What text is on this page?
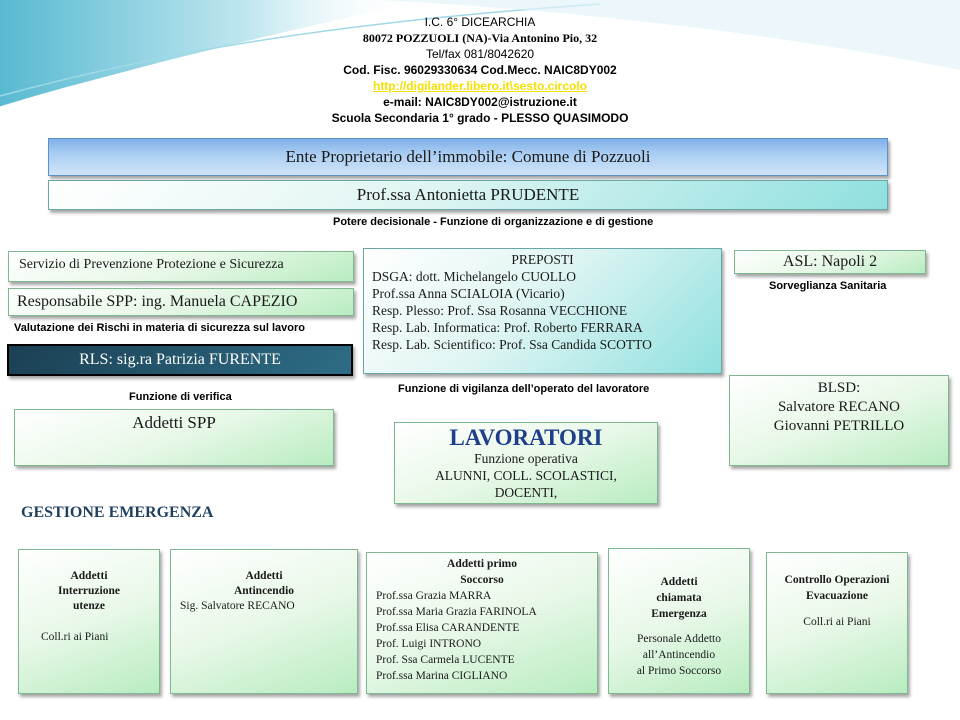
I.C. 6° DICEARCHIA
80072 POZZUOLI (NA)-Via Antonino Pio, 32
Tel/fax 081/8042620
Cod. Fisc. 96029330634 Cod.Mecc. NAIC8DY002
http://digilander.libero.it\sesto.circolo
e-mail: NAIC8DY002@istruzione.it
Scuola Secondaria 1° grado - PLESSO QUASIMODO
Ente Proprietario dell’immobile: Comune di Pozzuoli
Prof.ssa Antonietta PRUDENTE
Potere decisionale - Funzione di organizzazione e di gestione
Servizio di Prevenzione Protezione e Sicurezza
Responsabile SPP: ing. Manuela CAPEZIO
Valutazione dei Rischi in materia di sicurezza sul lavoro
RLS: sig.ra Patrizia FURENTE
Funzione di verifica
Addetti SPP
PREPOSTI
DSGA: dott. Michelangelo CUOLLO
Prof.ssa Anna SCIALOIA (Vicario)
Resp. Plesso: Prof. Ssa Rosanna VECCHIONE
Resp. Lab. Informatica: Prof. Roberto FERRARA
Resp. Lab. Scientifico: Prof. Ssa Candida SCOTTO
Funzione di vigilanza dell’operato del lavoratore
ASL: Napoli 2
Sorveglianza Sanitaria
BLSD:
Salvatore RECANO
Giovanni PETRILLO
LAVORATORI
Funzione operativa
ALUNNI, COLL. SCOLASTICI,
DOCENTI,
GESTIONE EMERGENZA
Addetti
Interruzione
utenze
Coll.ri ai Piani
Addetti
Antincendio
Sig. Salvatore RECANO
Addetti primo
Soccorso
Prof.ssa Grazia MARRA
Prof.ssa Maria Grazia FARINOLA
Prof.ssa Elisa CARANDENTE
Prof. Luigi INTRONO
Prof. Ssa Carmela LUCENTE
Prof.ssa Marina CIGLIANO
Addetti
chiamata
Emergenza
Personale Addetto
all’Antincendio
al Primo Soccorso
Controllo Operazioni
Evacuazione
Coll.ri ai Piani
